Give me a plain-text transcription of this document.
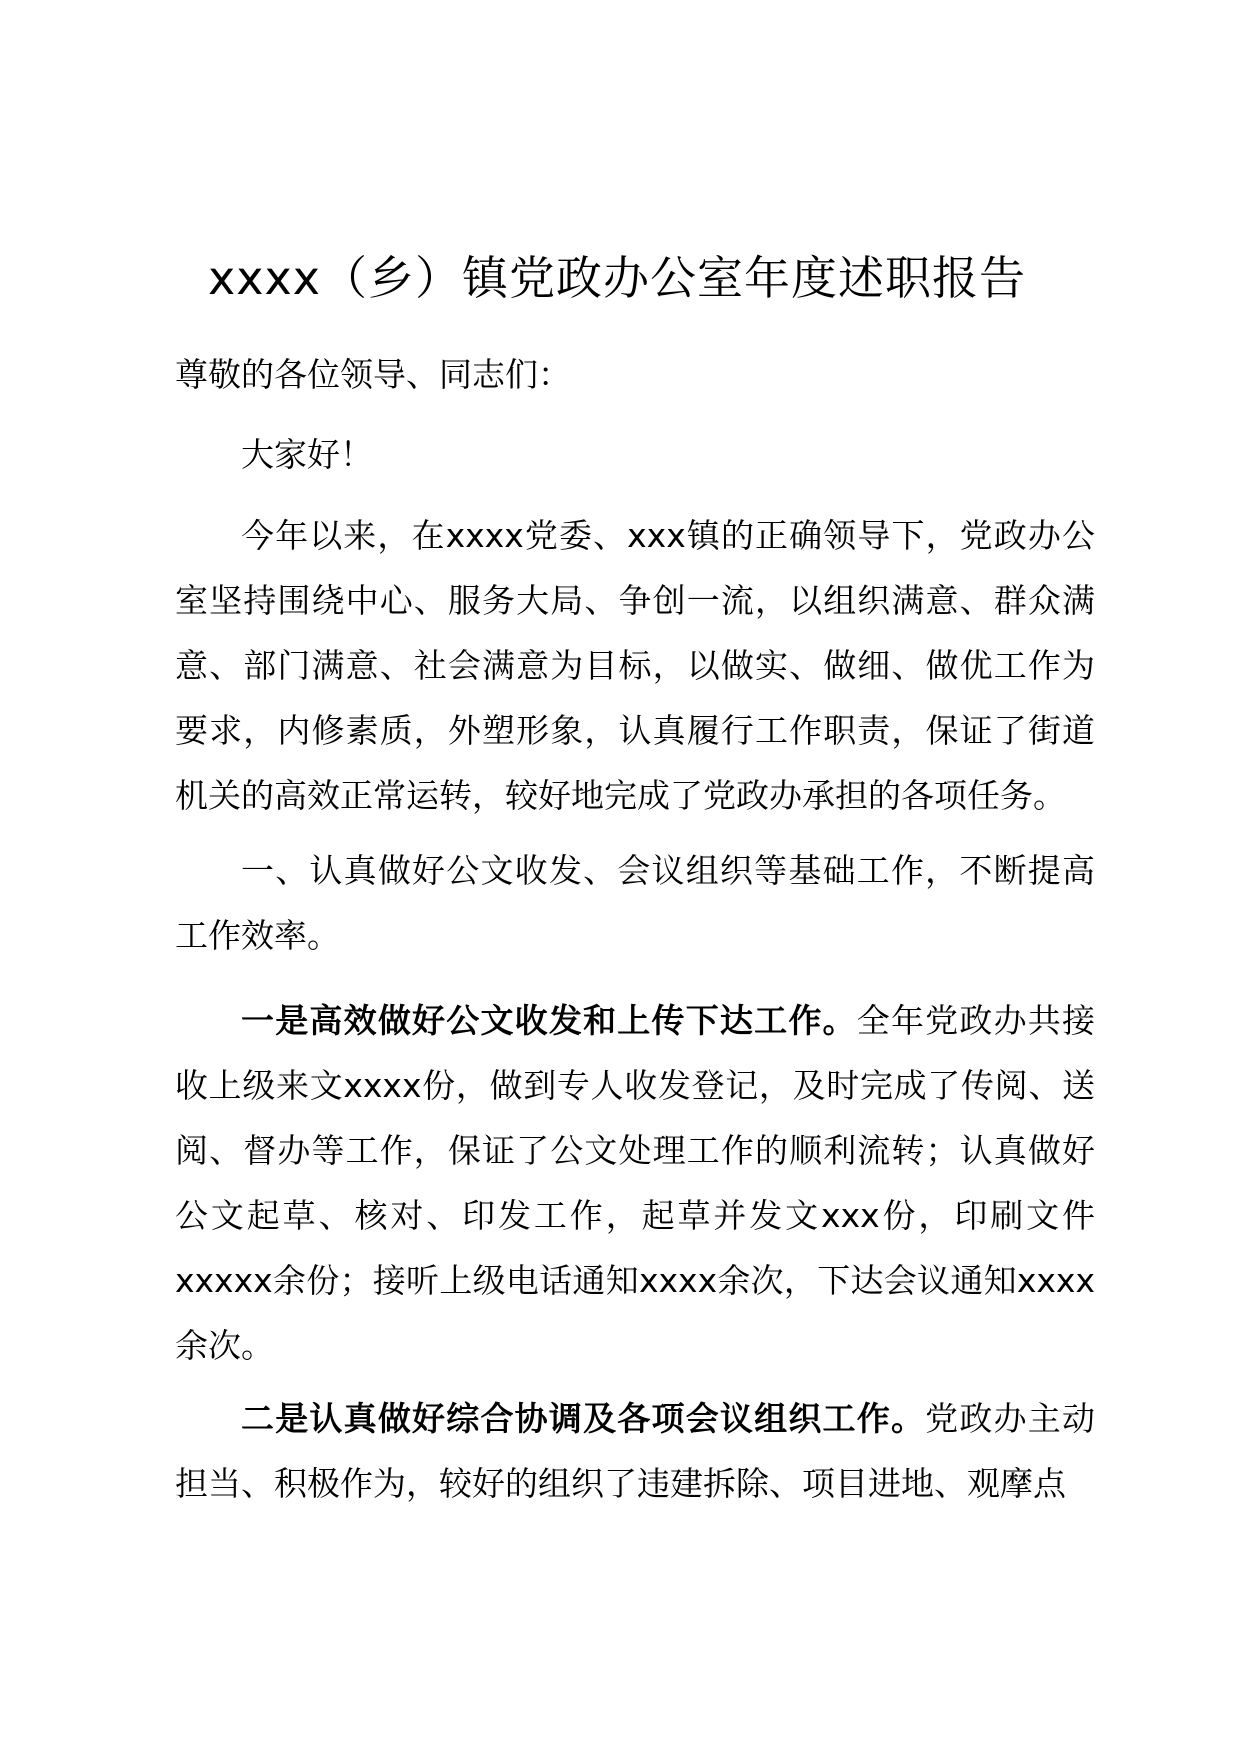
xxxx（乡）镇党政办公室年度述职报告

尊敬的各位领导、同志们：

大家好！

今年以来，在xxxx党委、xxx镇的正确领导下，党政办公室坚持围绕中心、服务大局、争创一流，以组织满意、群众满意、部门满意、社会满意为目标，以做实、做细、做优工作为要求，内修素质，外塑形象，认真履行工作职责，保证了街道机关的高效正常运转，较好地完成了党政办承担的各项任务。

一、认真做好公文收发、会议组织等基础工作，不断提高工作效率。

一是高效做好公文收发和上传下达工作。全年党政办共接收上级来文xxxx份，做到专人收发登记，及时完成了传阅、送阅、督办等工作，保证了公文处理工作的顺利流转；认真做好公文起草、核对、印发工作，起草并发文xxx份，印刷文件xxxxx余份；接听上级电话通知xxxx余次，下达会议通知xxxx余次。

二是认真做好综合协调及各项会议组织工作。党政办主动担当、积极作为，较好的组织了违建拆除、项目进地、观摩点
